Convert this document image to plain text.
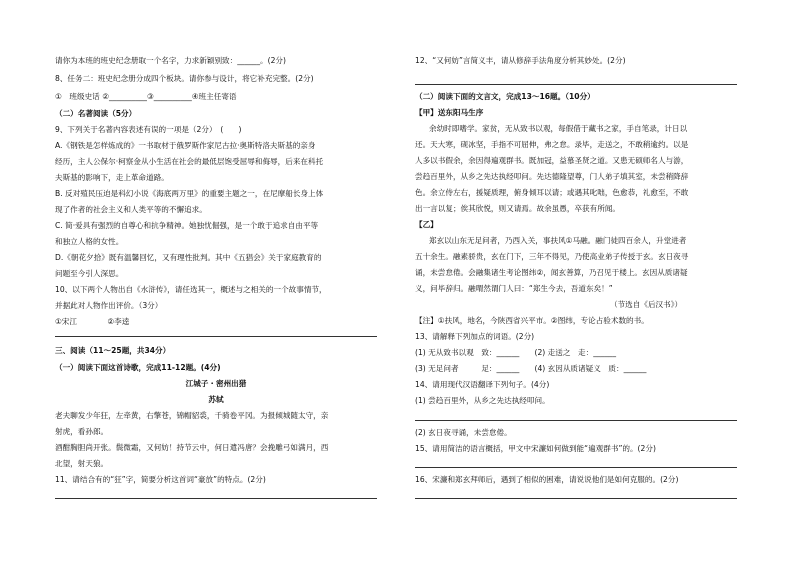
请你为本班的班史纪念册取一个名字，力求新颖别致：______。(2分)
8、任务二：班史纪念册分成四个板块。请你参与设计，将它补充完整。(2分)
①　班级史话 ②__________③__________④班主任寄语
（二）名著阅读（5分）
9、下列关于名著内容表述有误的一项是（2分）　(　　)
A.《钢铁是怎样炼成的》一书取材于俄罗斯作家尼古拉·奥斯特洛夫斯基的亲身
经历，主人公保尔·柯察金从小生活在社会的最低层饱受屈辱和侮辱，后来在科托
夫斯基的影响下，走上革命道路。
B. 反对殖民压迫是科幻小说《海底两万里》的重要主题之一，在尼摩船长身上体
现了作者的社会主义和人类平等的不懈追求。
C. 简·爱具有强烈的自尊心和抗争精神。她独忧倔强，是一个敢于追求自由平等
和独立人格的女性。
D.《朝花夕拾》既有温馨回忆，又有理性批判。其中《五猖会》关于家庭教育的
问题至今引人深思。
10、以下两个人物出自《水浒传》，请任选其一，概述与之相关的一个故事情节，
并据此对人物作出评价。（3分）
①宋江　　　　②李逵
三、阅读（11～25题，共34分）
（一）阅读下面这首诗歌，完成11-12题。(4分)
江城子・密州出猎
苏轼
老夫聊发少年狂，左牵黄，右擎苍，锦帽貂裘，千骑卷平冈。为报倾城随太守，亲
射虎，看孙郎。
酒酣胸胆尚开张。鬓微霜，又何妨！持节云中，何日遣冯唐？会挽雕弓如满月，西
北望，射天狼。
11、请结合有的“狂”字，简要分析这首词“豪放”的特点。(2分)
12、“又何妨”言简义丰，请从修辞手法角度分析其妙处。(2分)
（二）阅读下面的文言文，完成13～16题。（10分）
【甲】送东阳马生序
余幼时即嗜学。家贫，无从致书以观，每假借于藏书之家，手自笔录，计日以
还。天大寒，砚冰坚，手指不可屈伸，弗之怠。录毕，走送之，不敢稍逾约。以是
人多以书假余，余因得遍观群书。既加冠，益慕圣贤之道。又患无硕师名人与游，
尝趋百里外，从乡之先达执经叩问。先达德隆望尊，门人弟子填其室，未尝稍降辞
色。余立侍左右，援疑质理，俯身倾耳以请；或遇其叱咄，色愈恭，礼愈至，不敢
出一言以复；俟其欣悦，则又请焉。故余虽愚，卒获有所闻。
【乙】
郑玄以山东无足问者，乃西入关，事扶风①马融。融门徒四百余人，升堂进者
五十余生。融素骄贵，玄在门下，三年不得见，乃使高业弟子传授于玄。玄日夜寻
诵，未尝怠倦。会融集诸生考论图纬②，闻玄善算，乃召见于楼上。玄因从质诸疑
义，问毕辞归。融喟然谓门人曰：“郑生今去，吾道东矣！”
（节选自《后汉书》）
【注】①扶风，地名，今陕西省兴平市。②图纬，专论占验术数的书。
13、请解释下列加点的词语。(2分)
(1) 无从致书以观　致：______　　(2) 走送之　走：______
(3) 无足问者　　　足：______　　(4) 玄因从质诸疑义　质：______
14、请用现代汉语翻译下列句子。(4分)
(1) 尝趋百里外，从乡之先达执经叩问。
(2) 玄日夜寻诵，未尝怠倦。
15、请用简洁的语言概括，甲文中宋濂如何做到能“遍观群书”的。(2分)
16、宋濂和郑玄拜师后，遇到了相似的困难，请说说他们是如何克服的。(2分)
